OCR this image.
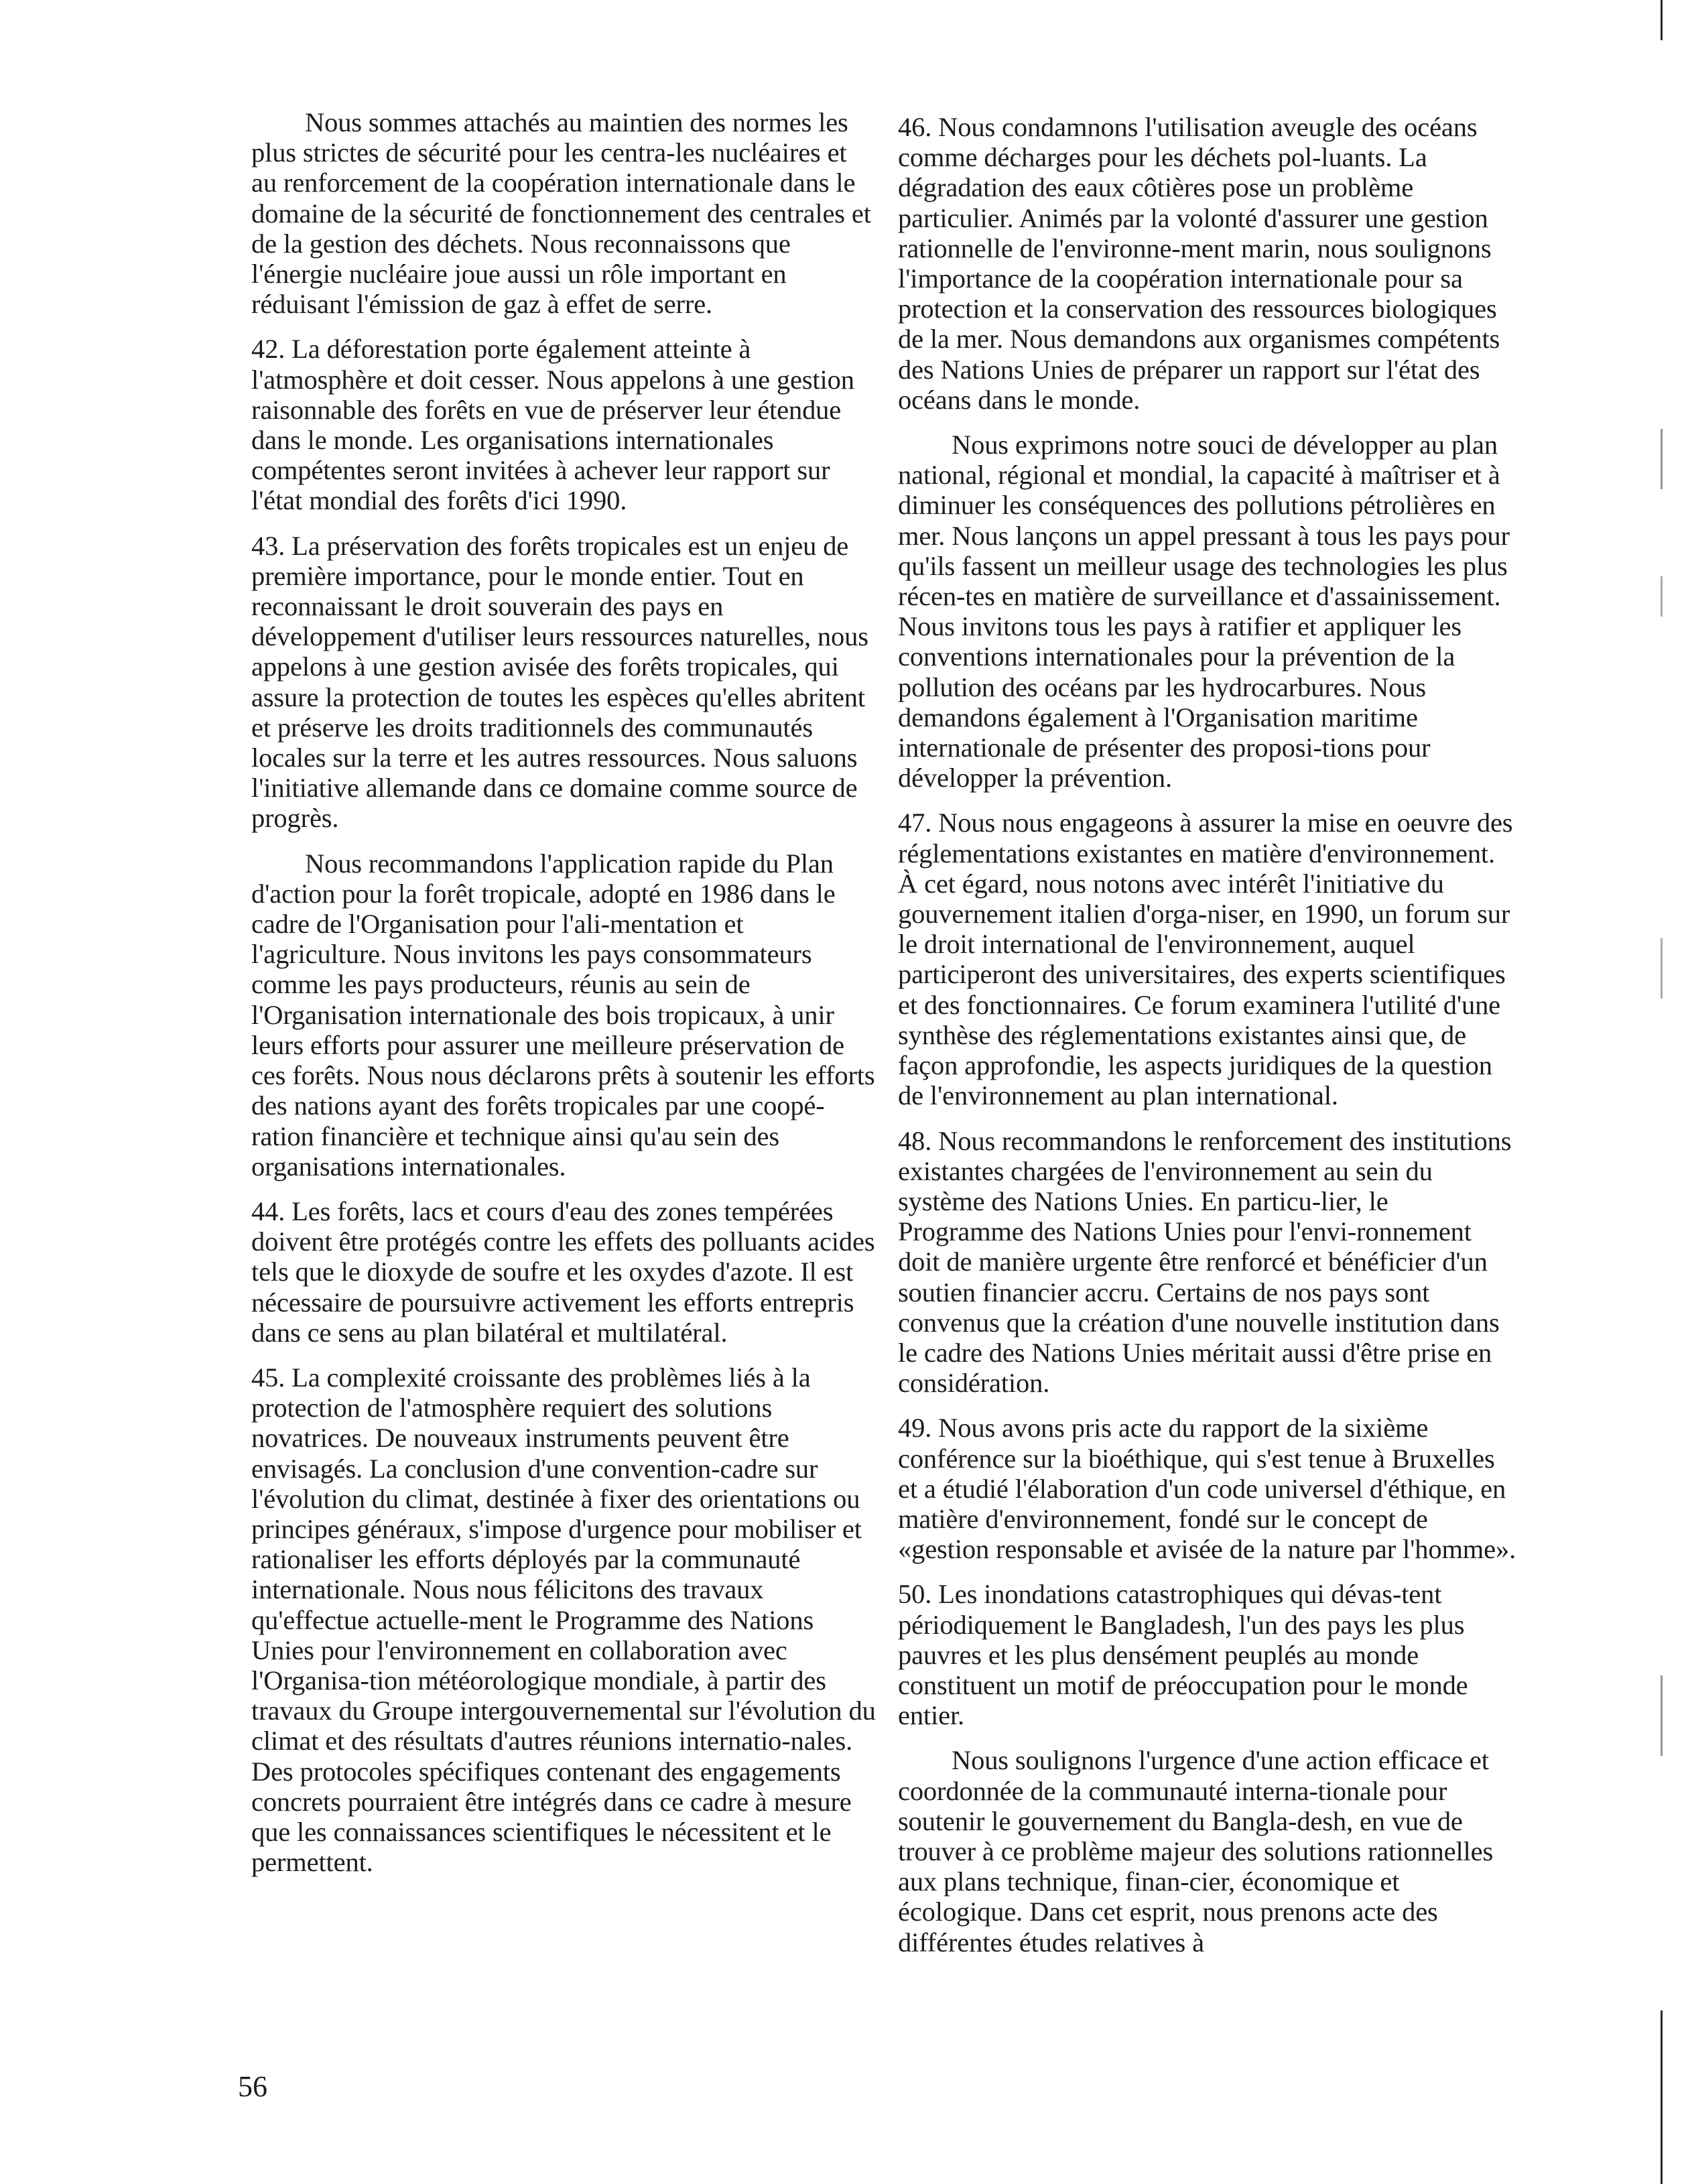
Nous sommes attachés au maintien des normes les plus strictes de sécurité pour les centra-les nucléaires et au renforcement de la coopération internationale dans le domaine de la sécurité de fonctionnement des centrales et de la gestion des déchets. Nous reconnaissons que l'énergie nucléaire joue aussi un rôle important en réduisant l'émission de gaz à effet de serre.

42. La déforestation porte également atteinte à l'atmosphère et doit cesser. Nous appelons à une gestion raisonnable des forêts en vue de préserver leur étendue dans le monde. Les organisations internationales compétentes seront invitées à achever leur rapport sur l'état mondial des forêts d'ici 1990.

43. La préservation des forêts tropicales est un enjeu de première importance, pour le monde entier. Tout en reconnaissant le droit souverain des pays en développement d'utiliser leurs ressources naturelles, nous appelons à une gestion avisée des forêts tropicales, qui assure la protection de toutes les espèces qu'elles abritent et préserve les droits traditionnels des communautés locales sur la terre et les autres ressources. Nous saluons l'initiative allemande dans ce domaine comme source de progrès.

Nous recommandons l'application rapide du Plan d'action pour la forêt tropicale, adopté en 1986 dans le cadre de l'Organisation pour l'ali-mentation et l'agriculture. Nous invitons les pays consommateurs comme les pays producteurs, réunis au sein de l'Organisation internationale des bois tropicaux, à unir leurs efforts pour assurer une meilleure préservation de ces forêts. Nous nous déclarons prêts à soutenir les efforts des nations ayant des forêts tropicales par une coopé-ration financière et technique ainsi qu'au sein des organisations internationales.

44. Les forêts, lacs et cours d'eau des zones tempérées doivent être protégés contre les effets des polluants acides tels que le dioxyde de soufre et les oxydes d'azote. Il est nécessaire de poursuivre activement les efforts entrepris dans ce sens au plan bilatéral et multilatéral.

45. La complexité croissante des problèmes liés à la protection de l'atmosphère requiert des solutions novatrices. De nouveaux instruments peuvent être envisagés. La conclusion d'une convention-cadre sur l'évolution du climat, destinée à fixer des orientations ou principes généraux, s'impose d'urgence pour mobiliser et rationaliser les efforts déployés par la communauté internationale. Nous nous félicitons des travaux qu'effectue actuelle-ment le Programme des Nations Unies pour l'environnement en collaboration avec l'Organisa-tion météorologique mondiale, à partir des travaux du Groupe intergouvernemental sur l'évolution du climat et des résultats d'autres réunions internatio-nales. Des protocoles spécifiques contenant des engagements concrets pourraient être intégrés dans ce cadre à mesure que les connaissances scientifiques le nécessitent et le permettent.

46. Nous condamnons l'utilisation aveugle des océans comme décharges pour les déchets pol-luants. La dégradation des eaux côtières pose un problème particulier. Animés par la volonté d'assurer une gestion rationnelle de l'environne-ment marin, nous soulignons l'importance de la coopération internationale pour sa protection et la conservation des ressources biologiques de la mer. Nous demandons aux organismes compétents des Nations Unies de préparer un rapport sur l'état des océans dans le monde.

Nous exprimons notre souci de développer au plan national, régional et mondial, la capacité à maîtriser et à diminuer les conséquences des pollutions pétrolières en mer. Nous lançons un appel pressant à tous les pays pour qu'ils fassent un meilleur usage des technologies les plus récen-tes en matière de surveillance et d'assainissement. Nous invitons tous les pays à ratifier et appliquer les conventions internationales pour la prévention de la pollution des océans par les hydrocarbures. Nous demandons également à l'Organisation maritime internationale de présenter des proposi-tions pour développer la prévention.

47. Nous nous engageons à assurer la mise en oeuvre des réglementations existantes en matière d'environnement. À cet égard, nous notons avec intérêt l'initiative du gouvernement italien d'orga-niser, en 1990, un forum sur le droit international de l'environnement, auquel participeront des universitaires, des experts scientifiques et des fonctionnaires. Ce forum examinera l'utilité d'une synthèse des réglementations existantes ainsi que, de façon approfondie, les aspects juridiques de la question de l'environnement au plan international.

48. Nous recommandons le renforcement des institutions existantes chargées de l'environnement au sein du système des Nations Unies. En particu-lier, le Programme des Nations Unies pour l'envi-ronnement doit de manière urgente être renforcé et bénéficier d'un soutien financier accru. Certains de nos pays sont convenus que la création d'une nouvelle institution dans le cadre des Nations Unies méritait aussi d'être prise en considération.

49. Nous avons pris acte du rapport de la sixième conférence sur la bioéthique, qui s'est tenue à Bruxelles et a étudié l'élaboration d'un code universel d'éthique, en matière d'environnement, fondé sur le concept de «gestion responsable et avisée de la nature par l'homme».

50. Les inondations catastrophiques qui dévas-tent périodiquement le Bangladesh, l'un des pays les plus pauvres et les plus densément peuplés au monde constituent un motif de préoccupation pour le monde entier.

Nous soulignons l'urgence d'une action efficace et coordonnée de la communauté interna-tionale pour soutenir le gouvernement du Bangla-desh, en vue de trouver à ce problème majeur des solutions rationnelles aux plans technique, finan-cier, économique et écologique. Dans cet esprit, nous prenons acte des différentes études relatives à

56
